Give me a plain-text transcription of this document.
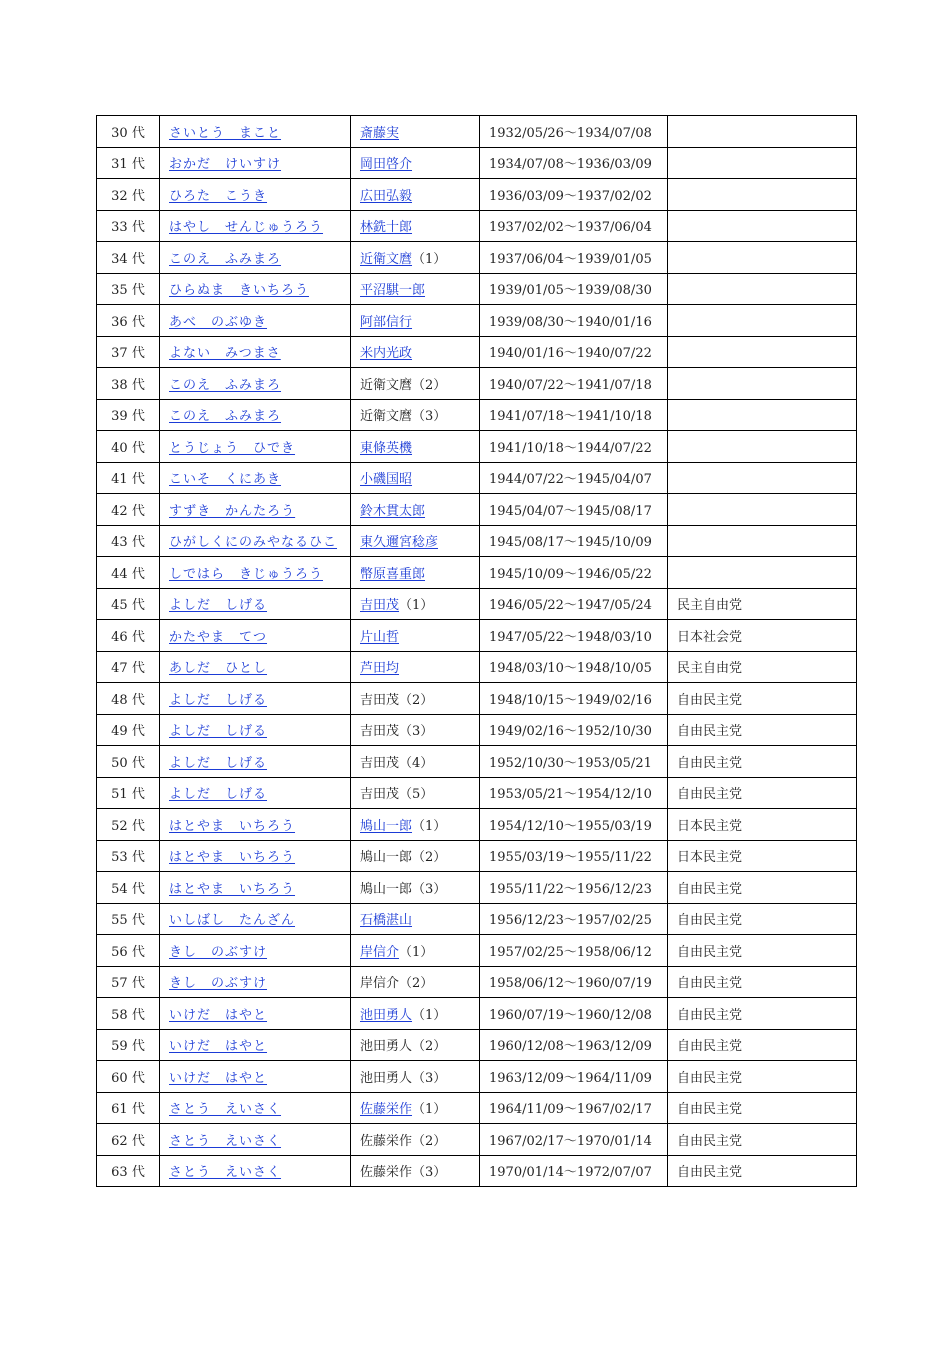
30 代	さいとう　まこと	斎藤実	1932/05/26～1934/07/08	
31 代	おかだ　けいすけ	岡田啓介	1934/07/08～1936/03/09	
32 代	ひろた　こうき	広田弘毅	1936/03/09～1937/02/02	
33 代	はやし　せんじゅうろう	林銑十郎	1937/02/02～1937/06/04	
34 代	このえ　ふみまろ	近衛文麿（1）	1937/06/04～1939/01/05	
35 代	ひらぬま　きいちろう	平沼騏一郎	1939/01/05～1939/08/30	
36 代	あべ　のぶゆき	阿部信行	1939/08/30～1940/01/16	
37 代	よない　みつまさ	米内光政	1940/01/16～1940/07/22	
38 代	このえ　ふみまろ	近衛文麿（2）	1940/07/22～1941/07/18	
39 代	このえ　ふみまろ	近衛文麿（3）	1941/07/18～1941/10/18	
40 代	とうじょう　ひでき	東條英機	1941/10/18～1944/07/22	
41 代	こいそ　くにあき	小磯国昭	1944/07/22～1945/04/07	
42 代	すずき　かんたろう	鈴木貫太郎	1945/04/07～1945/08/17	
43 代	ひがしくにのみやなるひこ	東久邇宮稔彦	1945/08/17～1945/10/09	
44 代	しではら　きじゅうろう	幣原喜重郎	1945/10/09～1946/05/22	
45 代	よしだ　しげる	吉田茂（1）	1946/05/22～1947/05/24	民主自由党
46 代	かたやま　てつ	片山哲	1947/05/22～1948/03/10	日本社会党
47 代	あしだ　ひとし	芦田均	1948/03/10～1948/10/05	民主自由党
48 代	よしだ　しげる	吉田茂（2）	1948/10/15～1949/02/16	自由民主党
49 代	よしだ　しげる	吉田茂（3）	1949/02/16～1952/10/30	自由民主党
50 代	よしだ　しげる	吉田茂（4）	1952/10/30～1953/05/21	自由民主党
51 代	よしだ　しげる	吉田茂（5）	1953/05/21～1954/12/10	自由民主党
52 代	はとやま　いちろう	鳩山一郎（1）	1954/12/10～1955/03/19	日本民主党
53 代	はとやま　いちろう	鳩山一郎（2）	1955/03/19～1955/11/22	日本民主党
54 代	はとやま　いちろう	鳩山一郎（3）	1955/11/22～1956/12/23	自由民主党
55 代	いしばし　たんざん	石橋湛山	1956/12/23～1957/02/25	自由民主党
56 代	きし　のぶすけ	岸信介（1）	1957/02/25～1958/06/12	自由民主党
57 代	きし　のぶすけ	岸信介（2）	1958/06/12～1960/07/19	自由民主党
58 代	いけだ　はやと	池田勇人（1）	1960/07/19～1960/12/08	自由民主党
59 代	いけだ　はやと	池田勇人（2）	1960/12/08～1963/12/09	自由民主党
60 代	いけだ　はやと	池田勇人（3）	1963/12/09～1964/11/09	自由民主党
61 代	さとう　えいさく	佐藤栄作（1）	1964/11/09～1967/02/17	自由民主党
62 代	さとう　えいさく	佐藤栄作（2）	1967/02/17～1970/01/14	自由民主党
63 代	さとう　えいさく	佐藤栄作（3）	1970/01/14～1972/07/07	自由民主党
